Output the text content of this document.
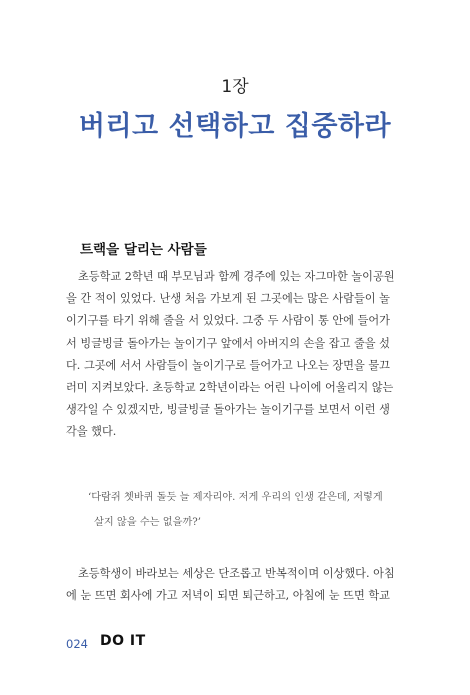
1장
버리고 선택하고 집중하라
트랙을 달리는 사람들
초등학교 2학년 때 부모님과 함께 경주에 있는 자그마한 놀이공원
을 간 적이 있었다. 난생 처음 가보게 된 그곳에는 많은 사람들이 놀
이기구를 타기 위해 줄을 서 있었다. 그중 두 사람이 통 안에 들어가
서 빙글빙글 돌아가는 놀이기구 앞에서 아버지의 손을 잡고 줄을 섰
다. 그곳에 서서 사람들이 놀이기구로 들어가고 나오는 장면을 물끄
러미 지켜보았다. 초등학교 2학년이라는 어린 나이에 어울리지 않는
생각일 수 있겠지만, 빙글빙글 돌아가는 놀이기구를 보면서 이런 생
각을 했다.
‘다람쥐 쳇바퀴 돌듯 늘 제자리야. 저게 우리의 인생 같은데, 저렇게
살지 않을 수는 없을까?’
초등학생이 바라보는 세상은 단조롭고 반복적이며 이상했다. 아침
에 눈 뜨면 회사에 가고 저녁이 되면 퇴근하고, 아침에 눈 뜨면 학교
024 DO IT
